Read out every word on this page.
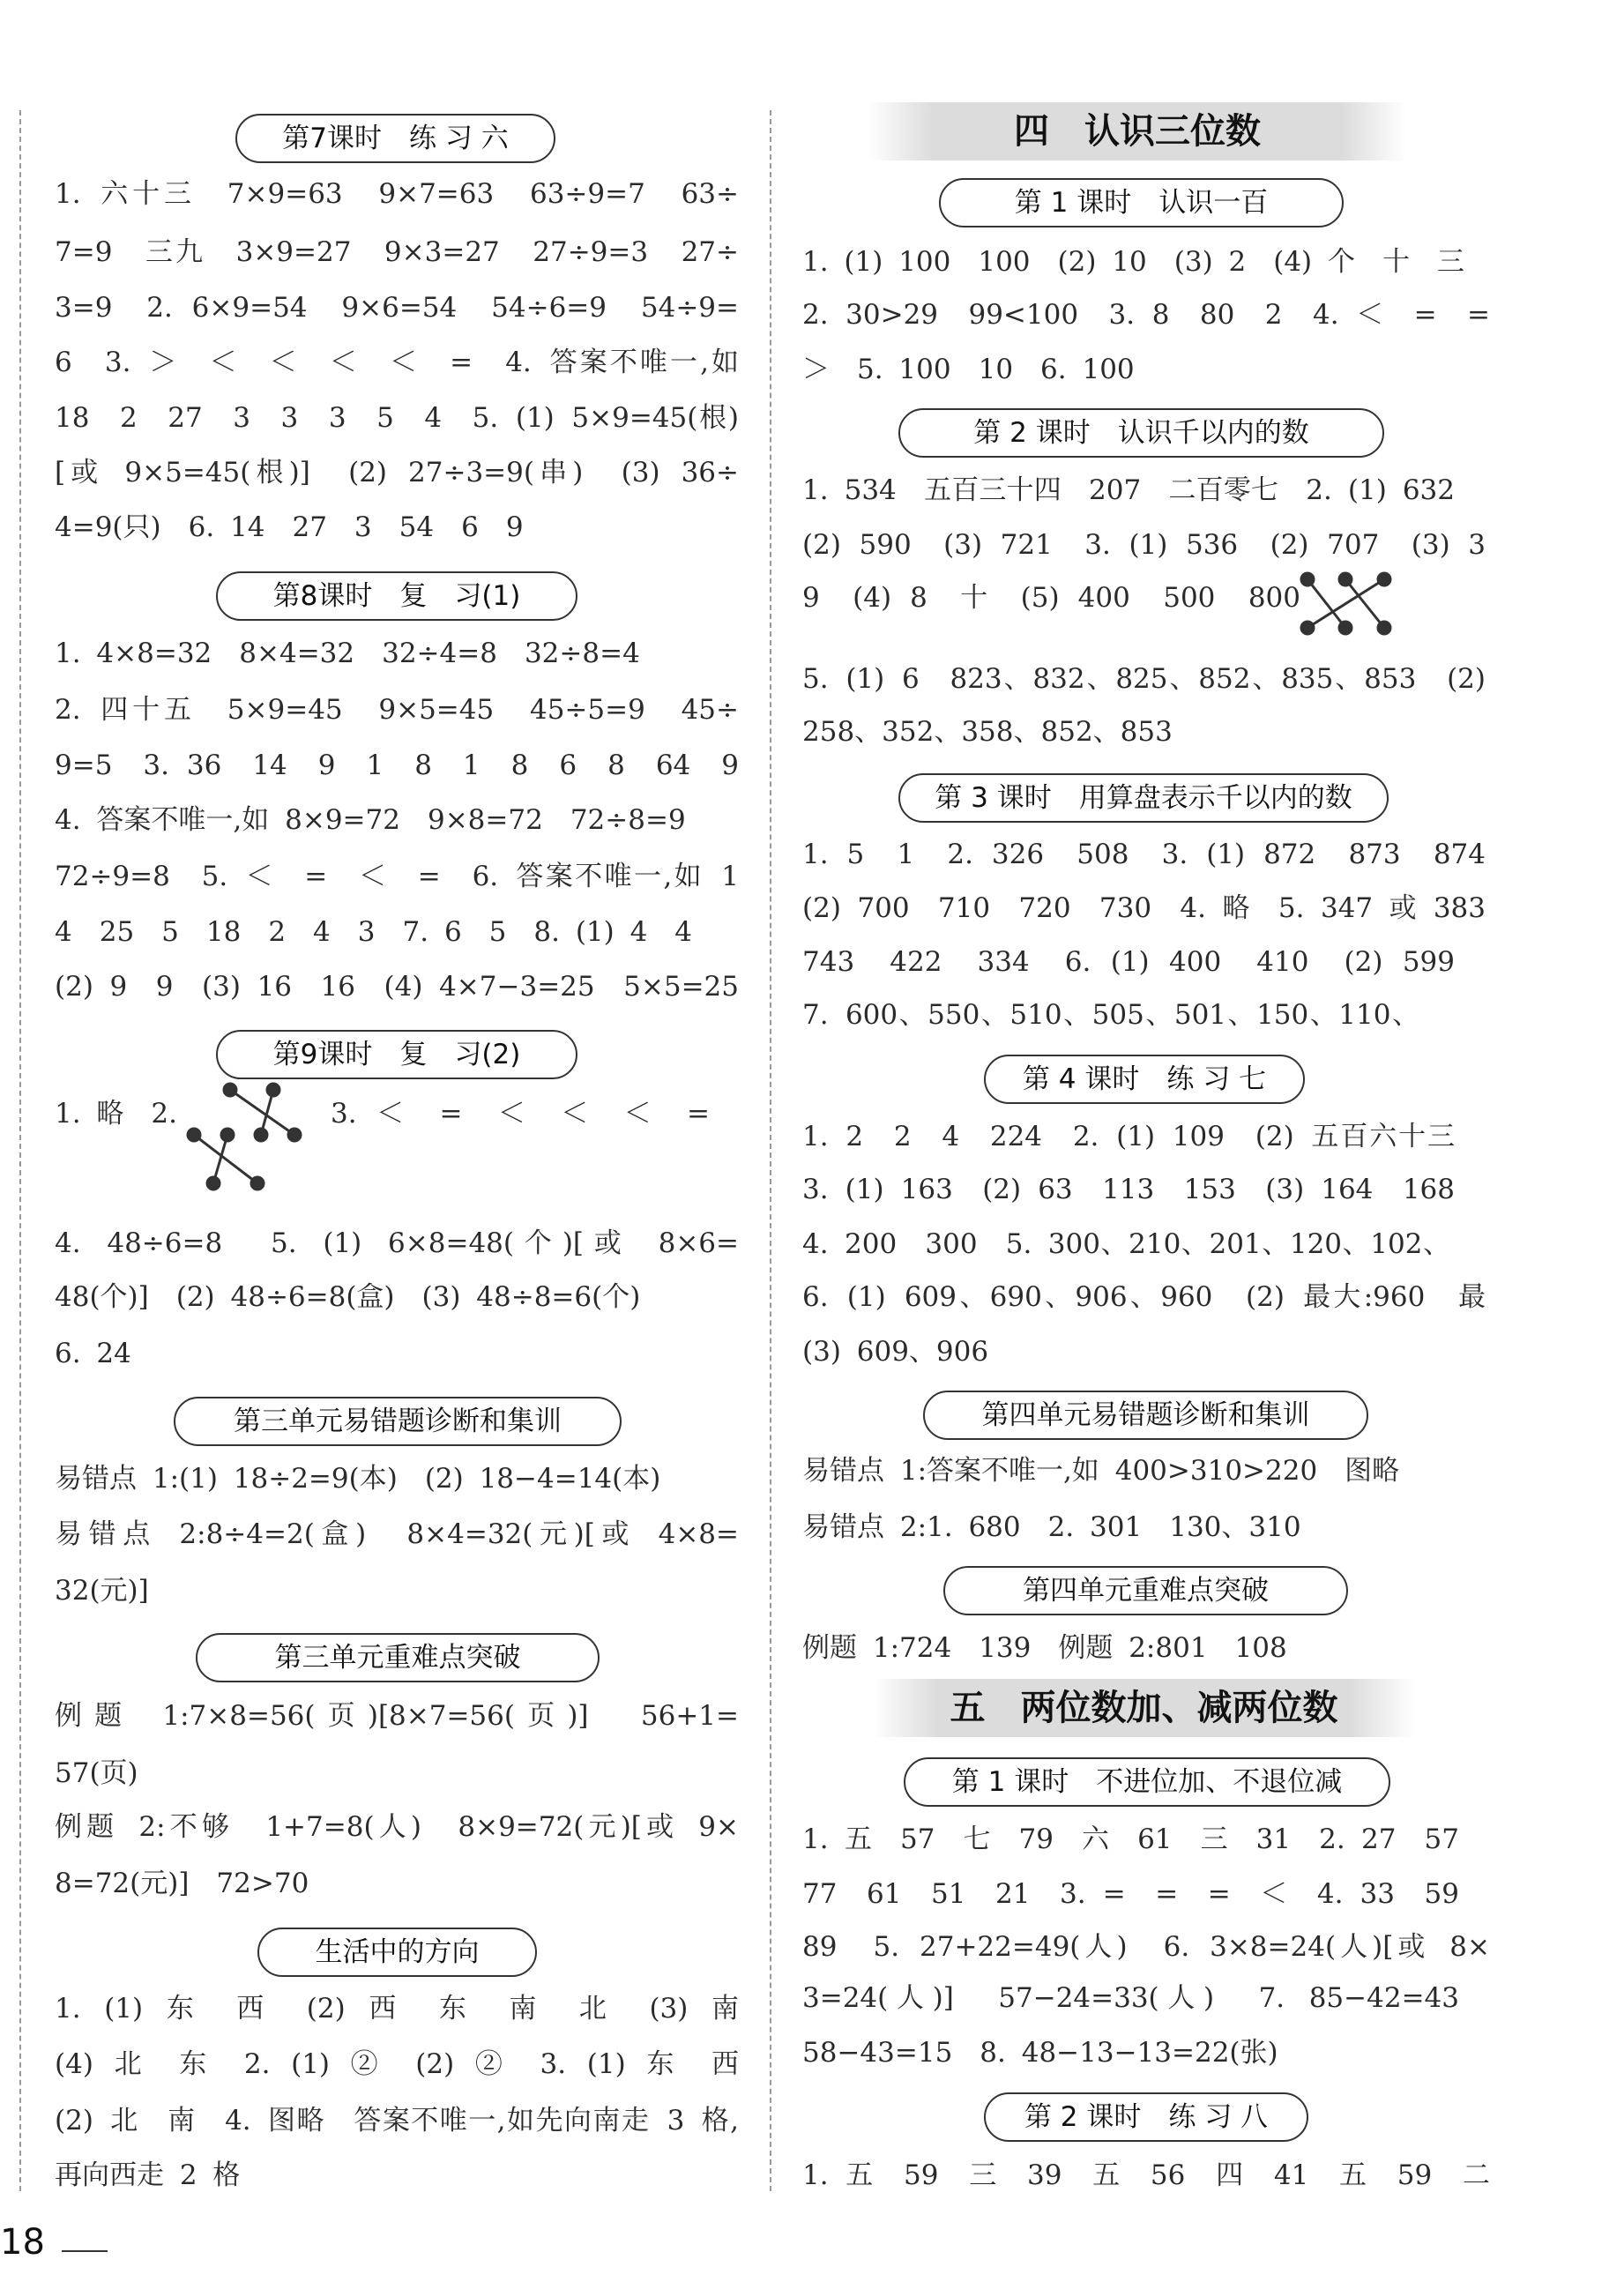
第7课时　练 习 六
1. 六十三　7×9=63　9×7=63　63÷9=7　63÷
7=9　三九　3×9=27　9×3=27　27÷9=3　27÷
3=9　2. 6×9=54　9×6=54　54÷6=9　54÷9=
6　3. ＞　＜　＜　＜　＜　=　4. 答案不唯一,如
18　2　27　3　3　3　5　4　5. (1) 5×9=45(根)
[或 9×5=45(根)]　(2) 27÷3=9(串)　(3) 36÷
4=9(只)　6. 14　27　3　54　6　9
第8课时　复　习(1)
1. 4×8=32　8×4=32　32÷4=8　32÷8=4
2. 四十五　5×9=45　9×5=45　45÷5=9　45÷
9=5　3. 36　14　9　1　8　1　8　6　8　64　9　
4. 答案不唯一,如 8×9=72　9×8=72　72÷8=9
72÷9=8　5. ＜　=　＜　=　6. 答案不唯一,如 1
4　25　5　18　2　4　3　7. 6　5　8. (1) 4　4
(2) 9　9　(3) 16　16　(4) 4×7−3=25　5×5=25
第9课时　复　习(2)
1. 略　2.	3. ＜　=　＜　＜　＜　=
4. 48÷6=8　5. (1) 6×8=48(个)[或 8×6=
48(个)]　(2) 48÷6=8(盒)　(3) 48÷8=6(个)
6. 24
第三单元易错题诊断和集训
易错点 1:(1) 18÷2=9(本)　(2) 18−4=14(本)
易错点 2:8÷4=2(盒)　8×4=32(元)[或 4×8=
32(元)]
第三单元重难点突破
例题 1:7×8=56(页)[8×7=56(页)]　56+1=
57(页)
例题 2:不够　1+7=8(人)　8×9=72(元)[或 9×
8=72(元)]　72>70
生活中的方向
1. (1) 东　西　(2) 西　东　南　北　(3) 南
(4) 北　东　2. (1) ②　(2) ②　3. (1) 东　西
(2) 北　南　4. 图略　答案不唯一,如先向南走 3 格,
再向西走 2 格
18
四　认识三位数
第 1 课时　认识一百
1. (1) 100　100　(2) 10　(3) 2　(4) 个　十　三
2. 30>29　99<100　3. 8　80　2　4. ＜　=　=
＞　5. 100　10　6. 100
第 2 课时　认识千以内的数
1. 534　五百三十四　207　二百零七　2. (1) 632
(2) 590　(3) 721　3. (1) 536　(2) 707　(3) 3　
9　(4) 8　十　(5) 400　500　800　
5. (1) 6　823、832、825、852、835、853　(2) 　
258、352、358、852、853
第 3 课时　用算盘表示千以内的数
1. 5　1　2. 326　508　3. (1) 872　873　874　
(2) 700　710　720　730　4. 略　5. 347 或 383
743　422　334　6. (1) 400　410　(2) 599　
7. 600、550、510、505、501、150、110、
第 4 课时　练 习 七
1. 2　2　4　224　2. (1) 109　(2) 五百六十三
3. (1) 163　(2) 63　113　153　(3) 164　168
4. 200　300　5. 300、210、201、120、102、
6. (1) 609、690、906、960　(2) 最大:960　最
(3) 609、906
第四单元易错题诊断和集训
易错点 1:答案不唯一,如 400>310>220　图略
易错点 2:1. 680　2. 301　130、310
第四单元重难点突破
例题 1:724　139　例题 2:801　108
五　两位数加、减两位数
第 1 课时　不进位加、不退位减
1. 五　57　七　79　六　61　三　31　2. 27　57
77　61　51　21　3. =　=　=　＜　4. 33　59
89　5. 27+22=49(人)　6. 3×8=24(人)[或 8×
3=24(人)]　57−24=33(人)　7. 85−42=43
58−43=15　8. 48−13−13=22(张)
第 2 课时　练 习 八
1. 五　59　三　39　五　56　四　41　五　59　二
